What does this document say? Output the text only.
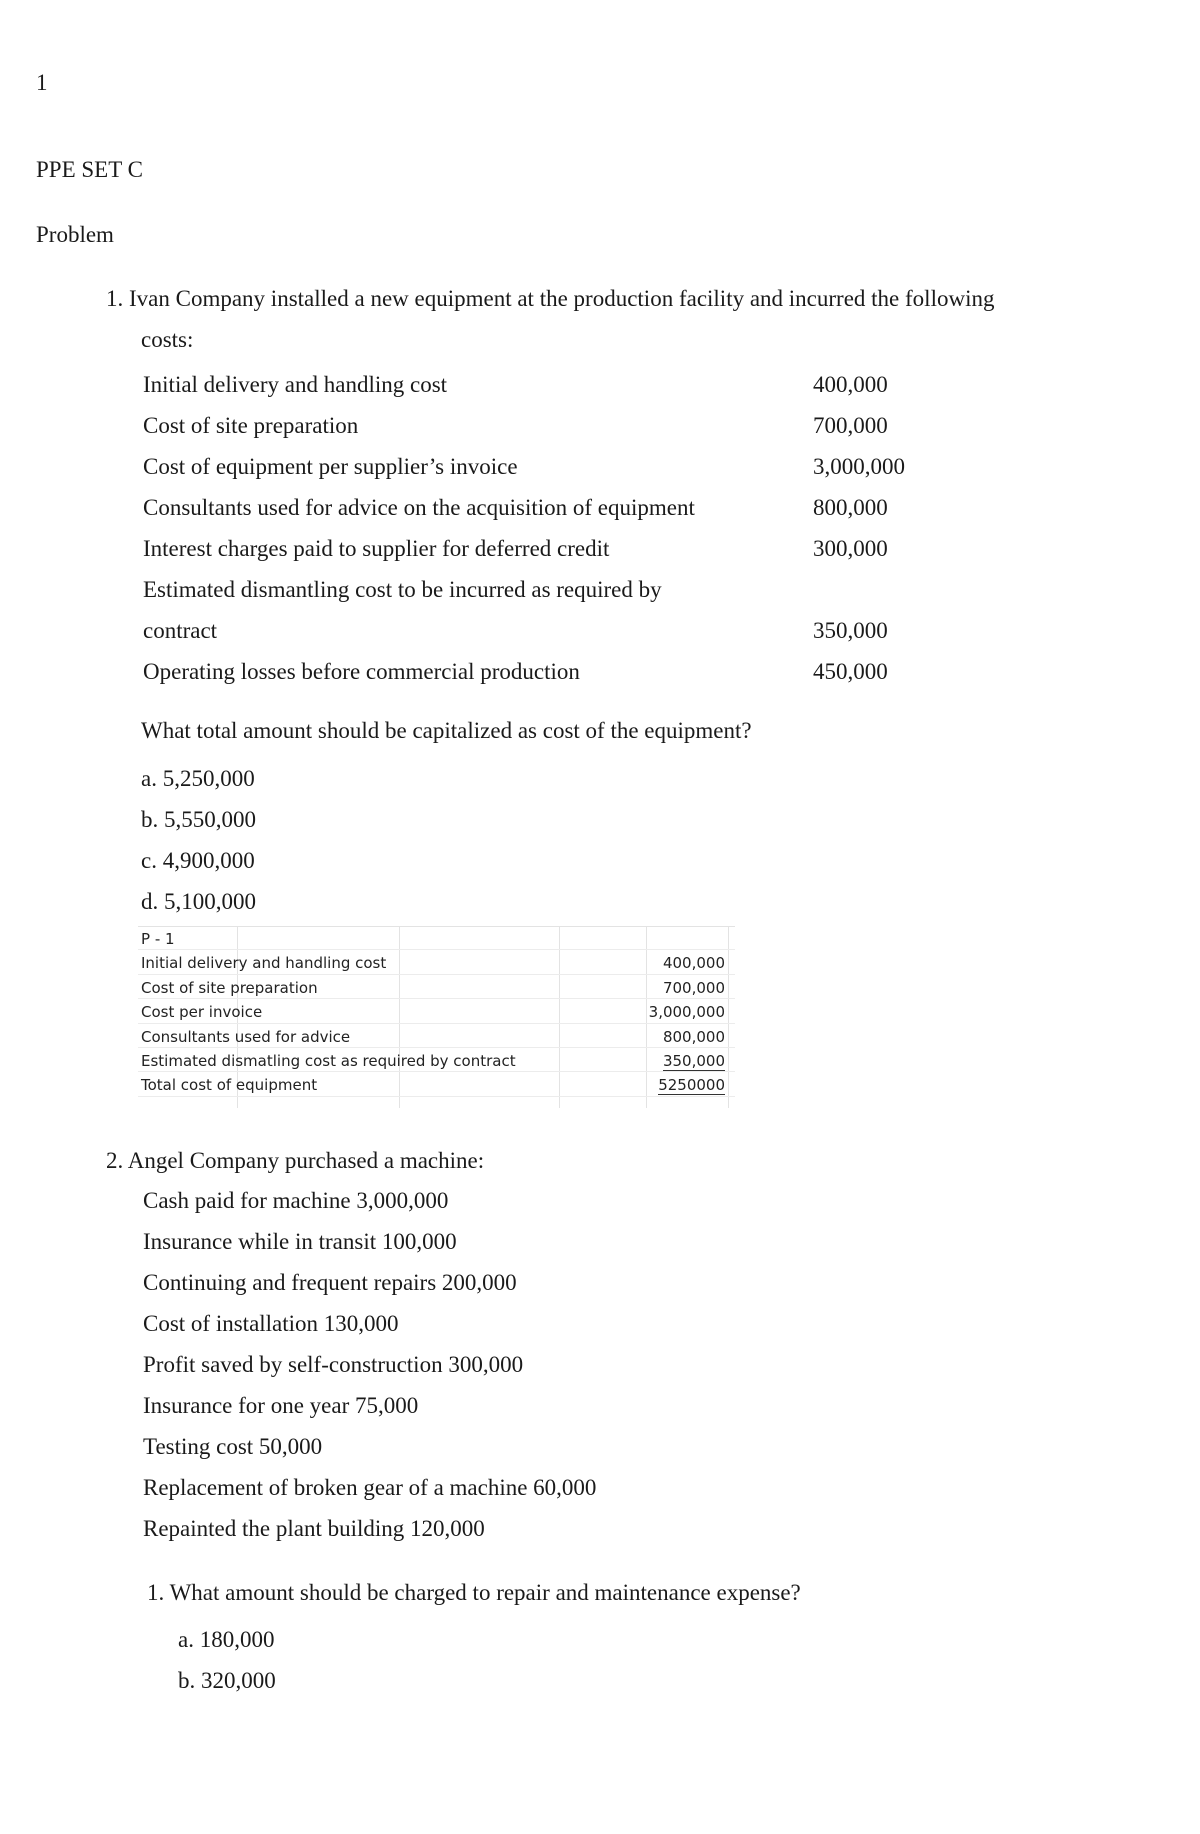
1
PPE SET C
Problem
1. Ivan Company installed a new equipment at the production facility and incurred the following
costs:
Initial delivery and handling cost	400,000
Cost of site preparation	700,000
Cost of equipment per supplier’s invoice	3,000,000
Consultants used for advice on the acquisition of equipment	800,000
Interest charges paid to supplier for deferred credit	300,000
Estimated dismantling cost to be incurred as required by
contract	350,000
Operating losses before commercial production	450,000
What total amount should be capitalized as cost of the equipment?
a. 5,250,000
b. 5,550,000
c. 4,900,000
d. 5,100,000
P - 1
Initial delivery and handling cost	400,000
Cost of site preparation	700,000
Cost per invoice	3,000,000
Consultants used for advice	800,000
Estimated dismatling cost as required by contract	350,000
Total cost of equipment	5250000
2. Angel Company purchased a machine:
Cash paid for machine 3,000,000
Insurance while in transit 100,000
Continuing and frequent repairs 200,000
Cost of installation 130,000
Profit saved by self-construction 300,000
Insurance for one year 75,000
Testing cost 50,000
Replacement of broken gear of a machine 60,000
Repainted the plant building 120,000
1. What amount should be charged to repair and maintenance expense?
a. 180,000
b. 320,000
